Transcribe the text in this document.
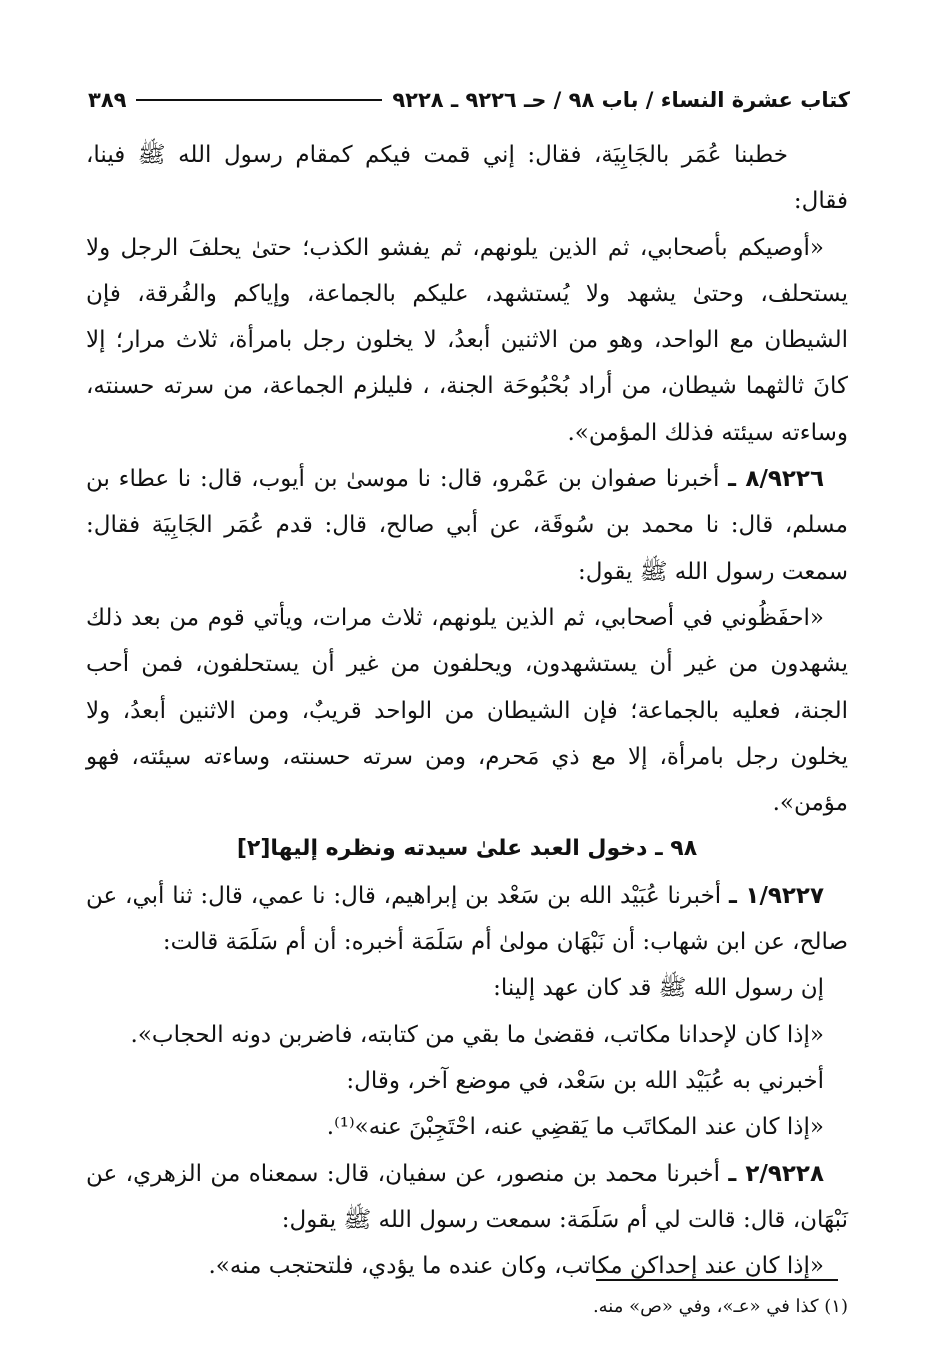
كتاب عشرة النساء / باب ٩٨ / حـ ٩٢٢٦ ـ ٩٢٢٨
٣٨٩

خطبنا عُمَر بالجَابِيَة، فقال: إني قمت فيكم كمقام رسول الله ﷺ فينا، فقال:

«أوصيكم بأصحابي، ثم الذين يلونهم، ثم يفشو الكذب؛ حتىٰ يحلفَ الرجل ولا يستحلف، وحتىٰ يشهد ولا يُستشهد، عليكم بالجماعة، وإياكم والفُرقة، فإن الشيطان مع الواحد، وهو من الاثنين أبعدُ، لا يخلون رجل بامرأة، ثلاث مرار؛ إلا كانَ ثالثهما شيطان، من أراد بُحْبُوحَة الجنة، ، فليلزم الجماعة، من سرته حسنته، وساءته سيئته فذلك المؤمن».

٨/٩٢٢٦ ـ أخبرنا صفوان بن عَمْرو، قال: نا موسىٰ بن أيوب، قال: نا عطاء بن مسلم، قال: نا محمد بن سُوقَة، عن أبي صالح، قال: قدم عُمَر الجَابِيَة فقال: سمعت رسول الله ﷺ يقول:

«احفَظُوني في أصحابي، ثم الذين يلونهم، ثلاث مرات، ويأتي قوم من بعد ذلك يشهدون من غير أن يستشهدون، ويحلفون من غير أن يستحلفون، فمن أحب الجنة، فعليه بالجماعة؛ فإن الشيطان من الواحد قريبٌ، ومن الاثنين أبعدُ، ولا يخلون رجل بامرأة، إلا مع ذي مَحرم، ومن سرته حسنته، وساءته سيئته، فهو مؤمن».

٩٨ ـ دخول العبد علىٰ سيدته ونظره إليها[٢]

١/٩٢٢٧ ـ أخبرنا عُبَيْد الله بن سَعْد بن إبراهيم، قال: نا عمي، قال: ثنا أبي، عن صالح، عن ابن شهاب: أن نَبْهَان مولىٰ أم سَلَمَة أخبره: أن أم سَلَمَة قالت:

إن رسول الله ﷺ قد كان عهد إلينا:

«إذا كان لإحدانا مكاتب، فقضىٰ ما بقي من كتابته، فاضربن دونه الحجاب».

أخبرني به عُبَيْد الله بن سَعْد، في موضع آخر، وقال:

«إذا كان عند المكاتَب ما يَقضِي عنه، احْتَجِبْنَ عنه»⁽¹⁾.

٢/٩٢٢٨ ـ أخبرنا محمد بن منصور، عن سفيان، قال: سمعناه من الزهري، عن نَبْهَان، قال: قالت لي أم سَلَمَة: سمعت رسول الله ﷺ يقول:

«إذا كان عند إحداكن مكاتب، وكان عنده ما يؤدي، فلتحتجب منه».

(١) كذا في «عـ»، وفي «ص» منه.
